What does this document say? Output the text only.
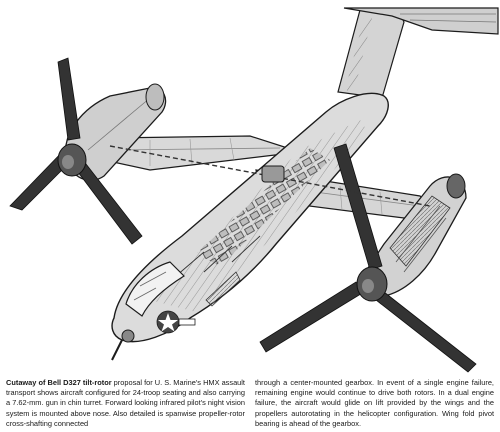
Cutaway of Bell D327 tilt-rotor proposal for U. S. Marine's HMX assault transport shows aircraft configured for 24-troop seating and also carrying a 7.62-mm. gun in chin turret. Forward looking infrared pilot's night vision system is mounted above nose. Also detailed is spanwise propeller-rotor cross-shafting connected

through a center-mounted gearbox. In event of a single engine failure, remaining engine would continue to drive both rotors. In a dual engine failure, the aircraft would glide on lift provided by the wings and the propellers autorotating in the helicopter configuration. Wing fold pivot bearing is ahead of the gearbox.
